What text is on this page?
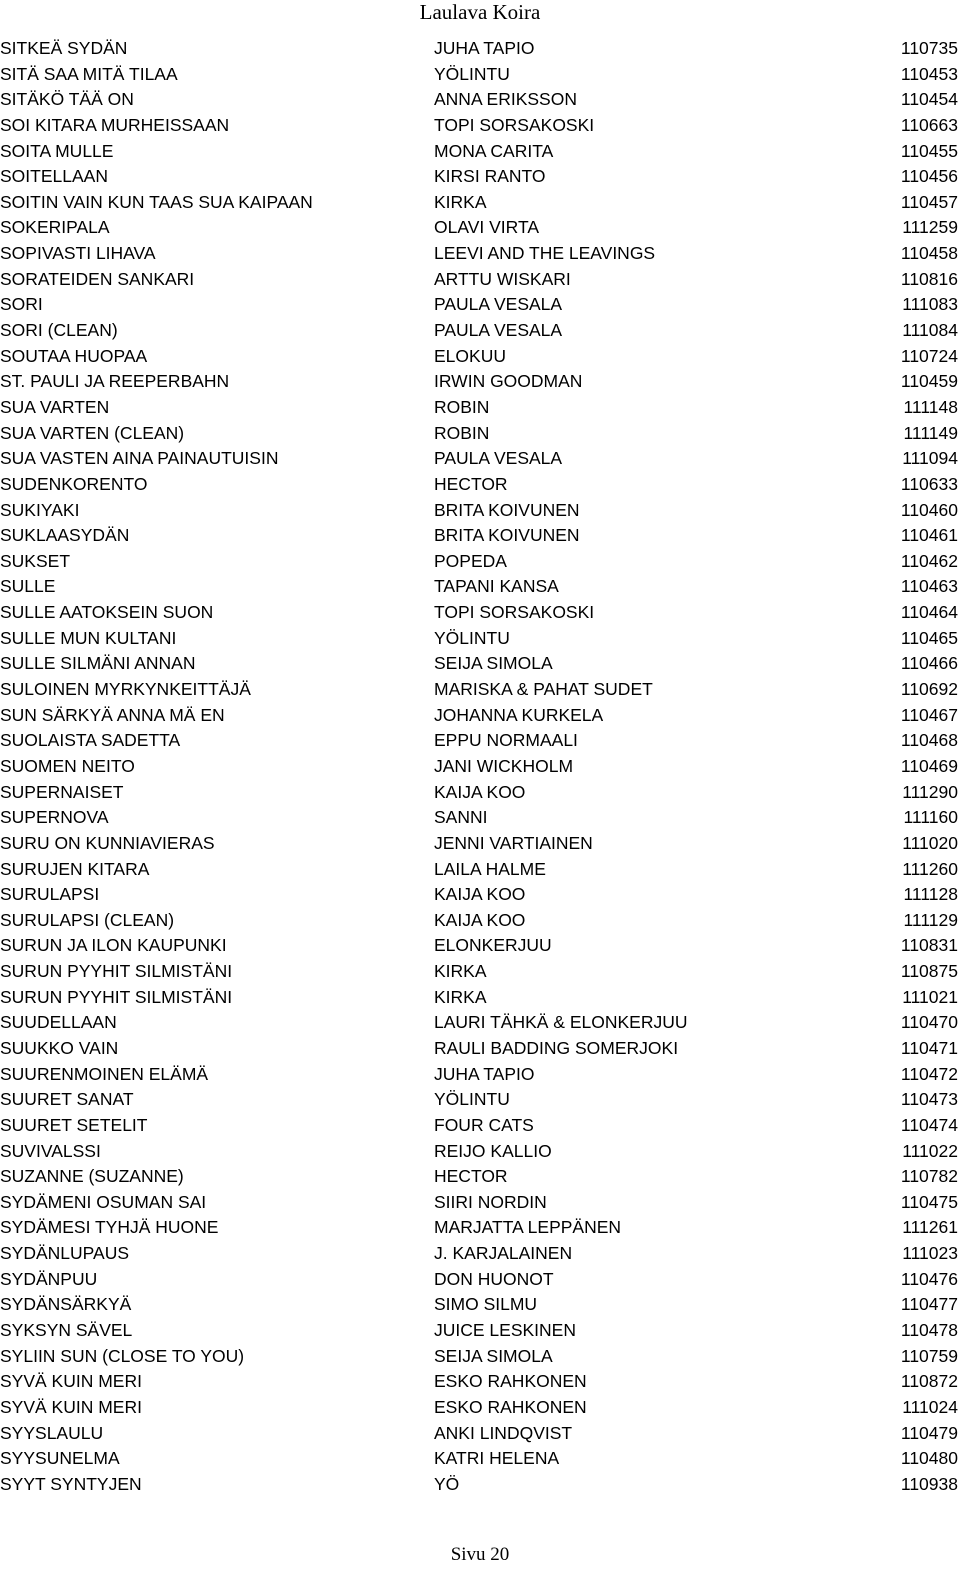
Laulava Koira
SITKEÄ SYDÄN	JUHA TAPIO	110735
SITÄ SAA MITÄ TILAA	YÖLINTU	110453
SITÄKÖ TÄÄ ON	ANNA ERIKSSON	110454
SOI KITARA MURHEISSAAN	TOPI SORSAKOSKI	110663
SOITA MULLE	MONA CARITA	110455
SOITELLAAN	KIRSI RANTO	110456
SOITIN VAIN KUN TAAS SUA KAIPAAN	KIRKA	110457
SOKERIPALA	OLAVI VIRTA	111259
SOPIVASTI LIHAVA	LEEVI AND THE LEAVINGS	110458
SORATEIDEN SANKARI	ARTTU WISKARI	110816
SORI	PAULA VESALA	111083
SORI (CLEAN)	PAULA VESALA	111084
SOUTAA HUOPAA	ELOKUU	110724
ST. PAULI JA REEPERBAHN	IRWIN GOODMAN	110459
SUA VARTEN	ROBIN	111148
SUA VARTEN (CLEAN)	ROBIN	111149
SUA VASTEN AINA PAINAUTUISIN	PAULA VESALA	111094
SUDENKORENTO	HECTOR	110633
SUKIYAKI	BRITA KOIVUNEN	110460
SUKLAASYDÄN	BRITA KOIVUNEN	110461
SUKSET	POPEDA	110462
SULLE	TAPANI KANSA	110463
SULLE AATOKSEIN SUON	TOPI SORSAKOSKI	110464
SULLE MUN KULTANI	YÖLINTU	110465
SULLE SILMÄNI ANNAN	SEIJA SIMOLA	110466
SULOINEN MYRKYNKEITTÄJÄ	MARISKA & PAHAT SUDET	110692
SUN SÄRKYÄ ANNA MÄ EN	JOHANNA KURKELA	110467
SUOLAISTA SADETTA	EPPU NORMAALI	110468
SUOMEN NEITO	JANI WICKHOLM	110469
SUPERNAISET	KAIJA KOO	111290
SUPERNOVA	SANNI	111160
SURU ON KUNNIAVIERAS	JENNI VARTIAINEN	111020
SURUJEN KITARA	LAILA HALME	111260
SURULAPSI	KAIJA KOO	111128
SURULAPSI (CLEAN)	KAIJA KOO	111129
SURUN JA ILON KAUPUNKI	ELONKERJUU	110831
SURUN PYYHIT SILMISTÄNI	KIRKA	110875
SURUN PYYHIT SILMISTÄNI	KIRKA	111021
SUUDELLAAN	LAURI TÄHKÄ & ELONKERJUU	110470
SUUKKO VAIN	RAULI BADDING SOMERJOKI	110471
SUURENMOINEN ELÄMÄ	JUHA TAPIO	110472
SUURET SANAT	YÖLINTU	110473
SUURET SETELIT	FOUR CATS	110474
SUVIVALSSI	REIJO KALLIO	111022
SUZANNE (SUZANNE)	HECTOR	110782
SYDÄMENI OSUMAN SAI	SIIRI NORDIN	110475
SYDÄMESI TYHJÄ HUONE	MARJATTA LEPPÄNEN	111261
SYDÄNLUPAUS	J. KARJALAINEN	111023
SYDÄNPUU	DON HUONOT	110476
SYDÄNSÄRKYÄ	SIMO SILMU	110477
SYKSYN SÄVEL	JUICE LESKINEN	110478
SYLIIN SUN (CLOSE TO YOU)	SEIJA SIMOLA	110759
SYVÄ KUIN MERI	ESKO RAHKONEN	110872
SYVÄ KUIN MERI	ESKO RAHKONEN	111024
SYYSLAULU	ANKI LINDQVIST	110479
SYYSUNELMA	KATRI HELENA	110480
SYYT SYNTYJEN	YÖ	110938
Sivu 20
